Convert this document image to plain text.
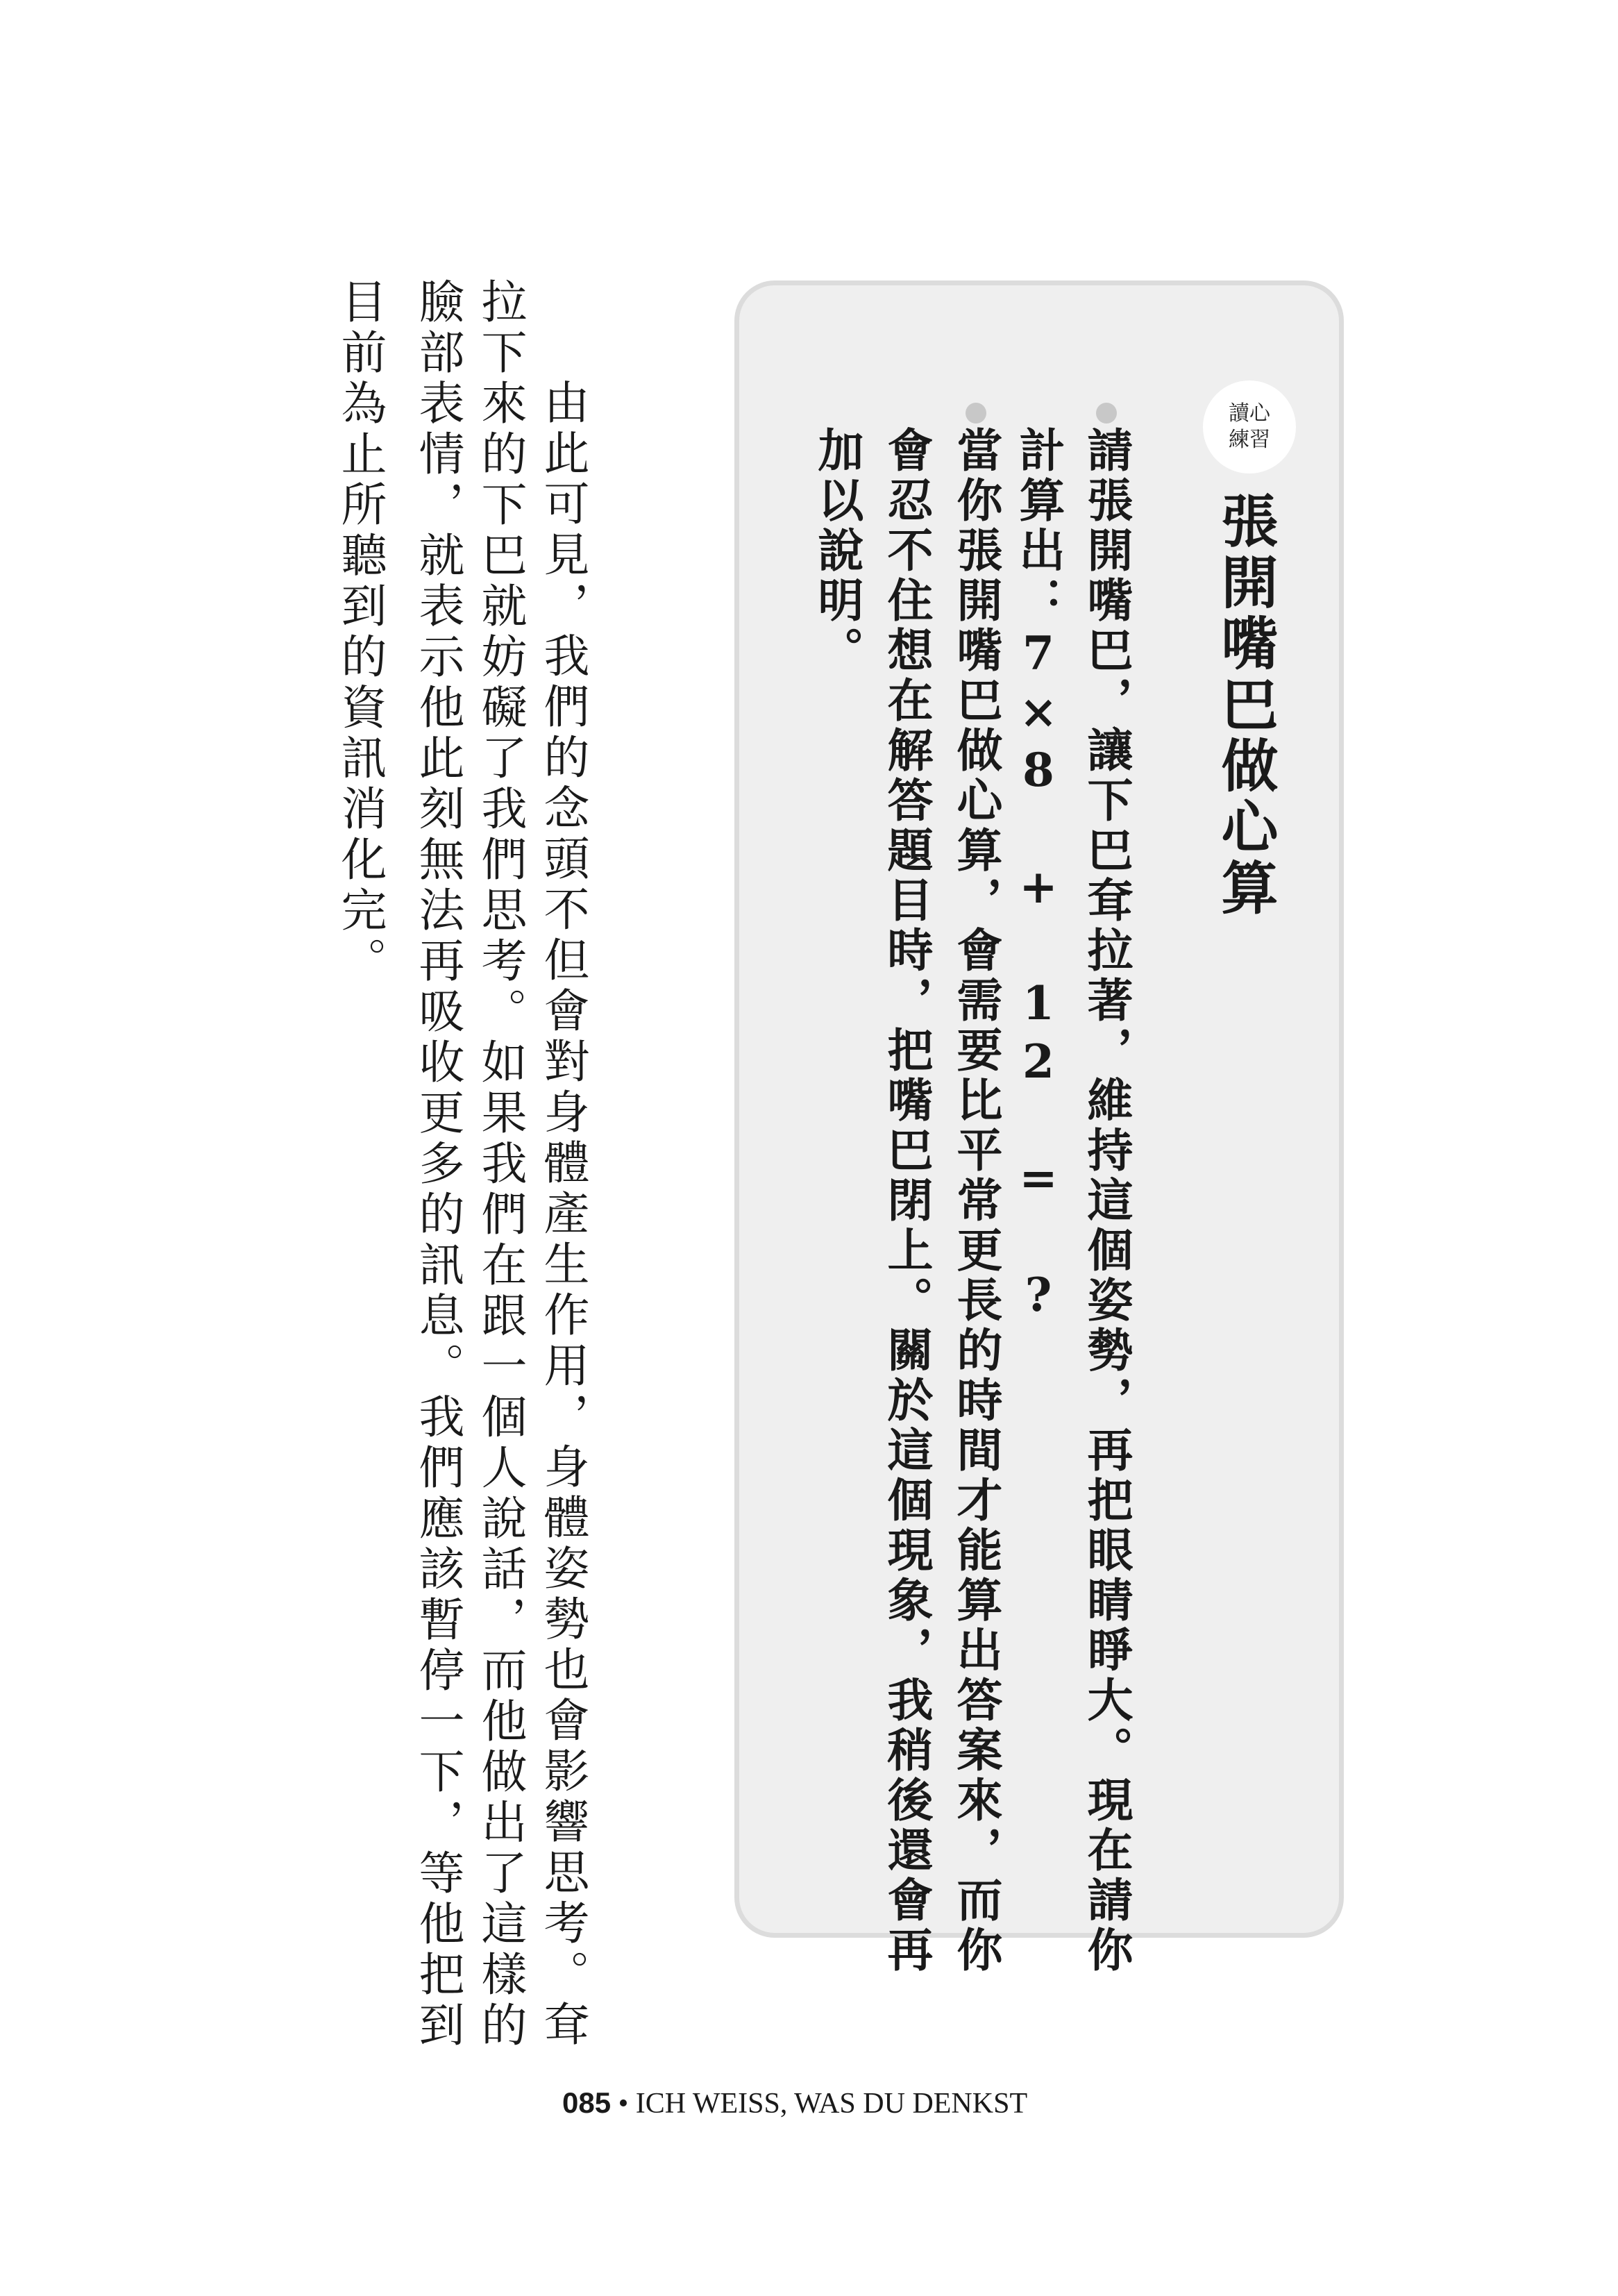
讀心
練習
張開嘴巴做心算
請張開嘴巴，讓下巴耷拉著，維持這個姿勢，再把眼睛睜大。現在請你
計算出：7×8 + 12 = ?
當你張開嘴巴做心算，會需要比平常更長的時間才能算出答案來，而你
會忍不住想在解答題目時，把嘴巴閉上。關於這個現象，我稍後還會再
加以說明。
由此可見，我們的念頭不但會對身體產生作用，身體姿勢也會影響思考。耷
拉下來的下巴就妨礙了我們思考。如果我們在跟一個人說話，而他做出了這樣的
臉部表情，就表示他此刻無法再吸收更多的訊息。我們應該暫停一下，等他把到
目前為止所聽到的資訊消化完。
085 • ICH WEISS, WAS DU DENKST
